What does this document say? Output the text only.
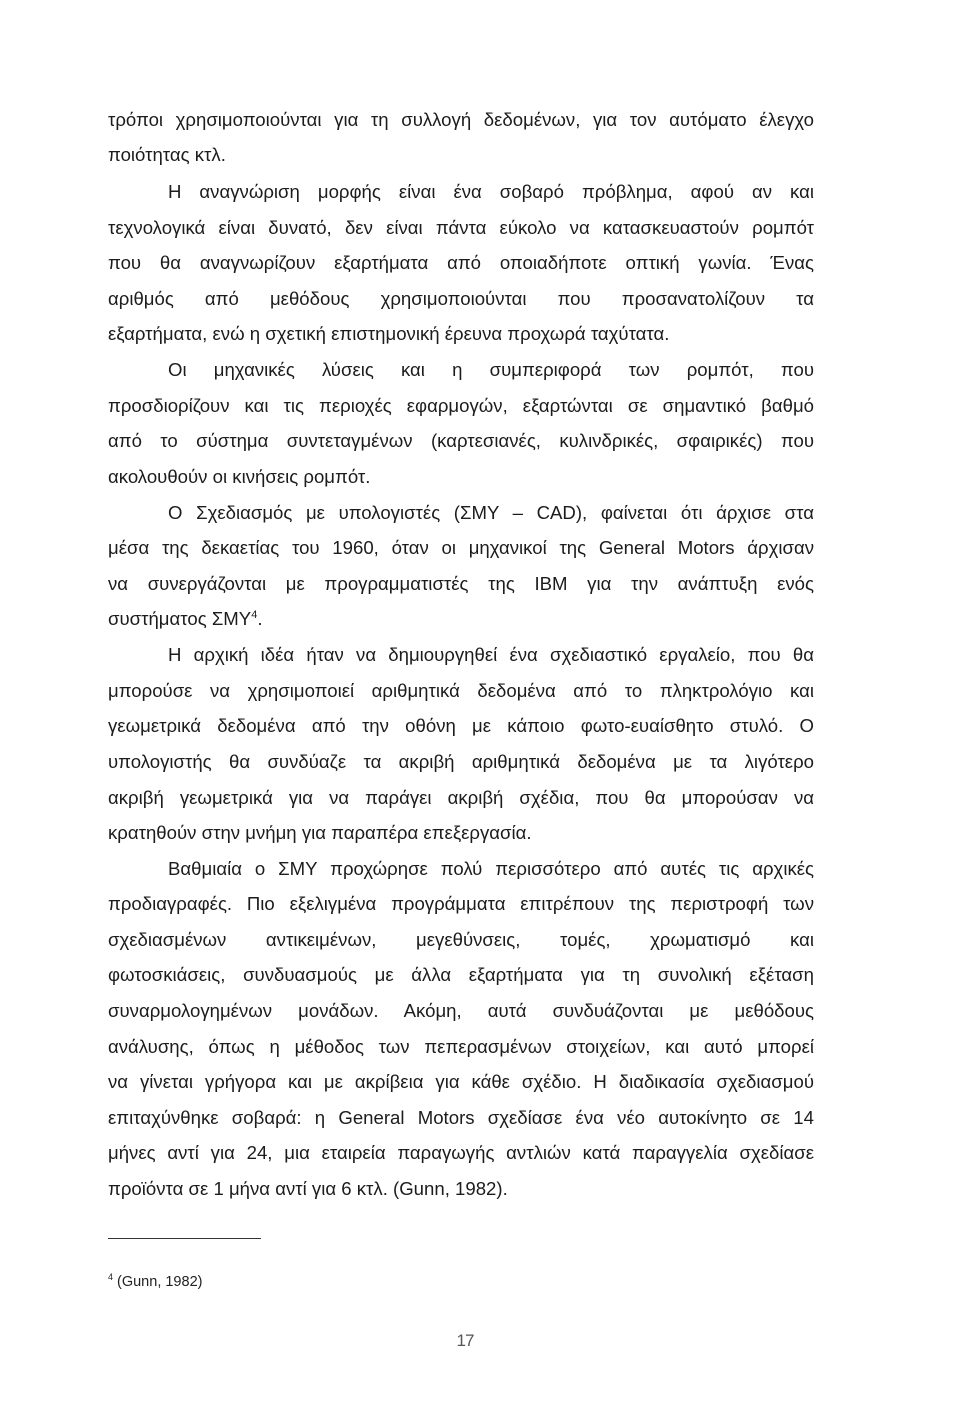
τρόποι χρησιμοποιούνται για τη συλλογή δεδομένων, για τον αυτόματο έλεγχο
ποιότητας κτλ.
Η αναγνώριση μορφής είναι ένα σοβαρό πρόβλημα, αφού αν και
τεχνολογικά είναι δυνατό, δεν είναι πάντα εύκολο να κατασκευαστούν ρομπότ
που θα αναγνωρίζουν εξαρτήματα από οποιαδήποτε οπτική γωνία. Ένας
αριθμός από μεθόδους χρησιμοποιούνται που προσανατολίζουν τα
εξαρτήματα, ενώ η σχετική επιστημονική έρευνα προχωρά ταχύτατα.
Οι μηχανικές λύσεις και η συμπεριφορά των ρομπότ, που
προσδιορίζουν και τις περιοχές εφαρμογών, εξαρτώνται σε σημαντικό βαθμό
από το σύστημα συντεταγμένων (καρτεσιανές, κυλινδρικές, σφαιρικές) που
ακολουθούν οι κινήσεις ρομπότ.
Ο Σχεδιασμός με υπολογιστές (ΣΜΥ – CAD), φαίνεται ότι άρχισε στα
μέσα της δεκαετίας του 1960, όταν οι μηχανικοί της General Motors άρχισαν
να συνεργάζονται με προγραμματιστές της IBM για την ανάπτυξη ενός
συστήματος ΣΜΥ$^4$.
Η αρχική ιδέα ήταν να δημιουργηθεί ένα σχεδιαστικό εργαλείο, που θα
μπορούσε να χρησιμοποιεί αριθμητικά δεδομένα από το πληκτρολόγιο και
γεωμετρικά δεδομένα από την οθόνη με κάποιο φωτο-ευαίσθητο στυλό. Ο
υπολογιστής θα συνδύαζε τα ακριβή αριθμητικά δεδομένα με τα λιγότερο
ακριβή γεωμετρικά για να παράγει ακριβή σχέδια, που θα μπορούσαν να
κρατηθούν στην μνήμη για παραπέρα επεξεργασία.
Βαθμιαία ο ΣΜΥ προχώρησε πολύ περισσότερο από αυτές τις αρχικές
προδιαγραφές. Πιο εξελιγμένα προγράμματα επιτρέπουν της περιστροφή των
σχεδιασμένων αντικειμένων, μεγεθύνσεις, τομές, χρωματισμό και
φωτοσκιάσεις, συνδυασμούς με άλλα εξαρτήματα για τη συνολική εξέταση
συναρμολογημένων μονάδων. Ακόμη, αυτά συνδυάζονται με μεθόδους
ανάλυσης, όπως η μέθοδος των πεπερασμένων στοιχείων, και αυτό μπορεί
να γίνεται γρήγορα και με ακρίβεια για κάθε σχέδιο. Η διαδικασία σχεδιασμού
επιταχύνθηκε σοβαρά: η General Motors σχεδίασε ένα νέο αυτοκίνητο σε 14
μήνες αντί για 24, μια εταιρεία παραγωγής αντλιών κατά παραγγελία σχεδίασε
προϊόντα σε 1 μήνα αντί για 6 κτλ. (Gunn, 1982).
$^4$ (Gunn, 1982)
17
